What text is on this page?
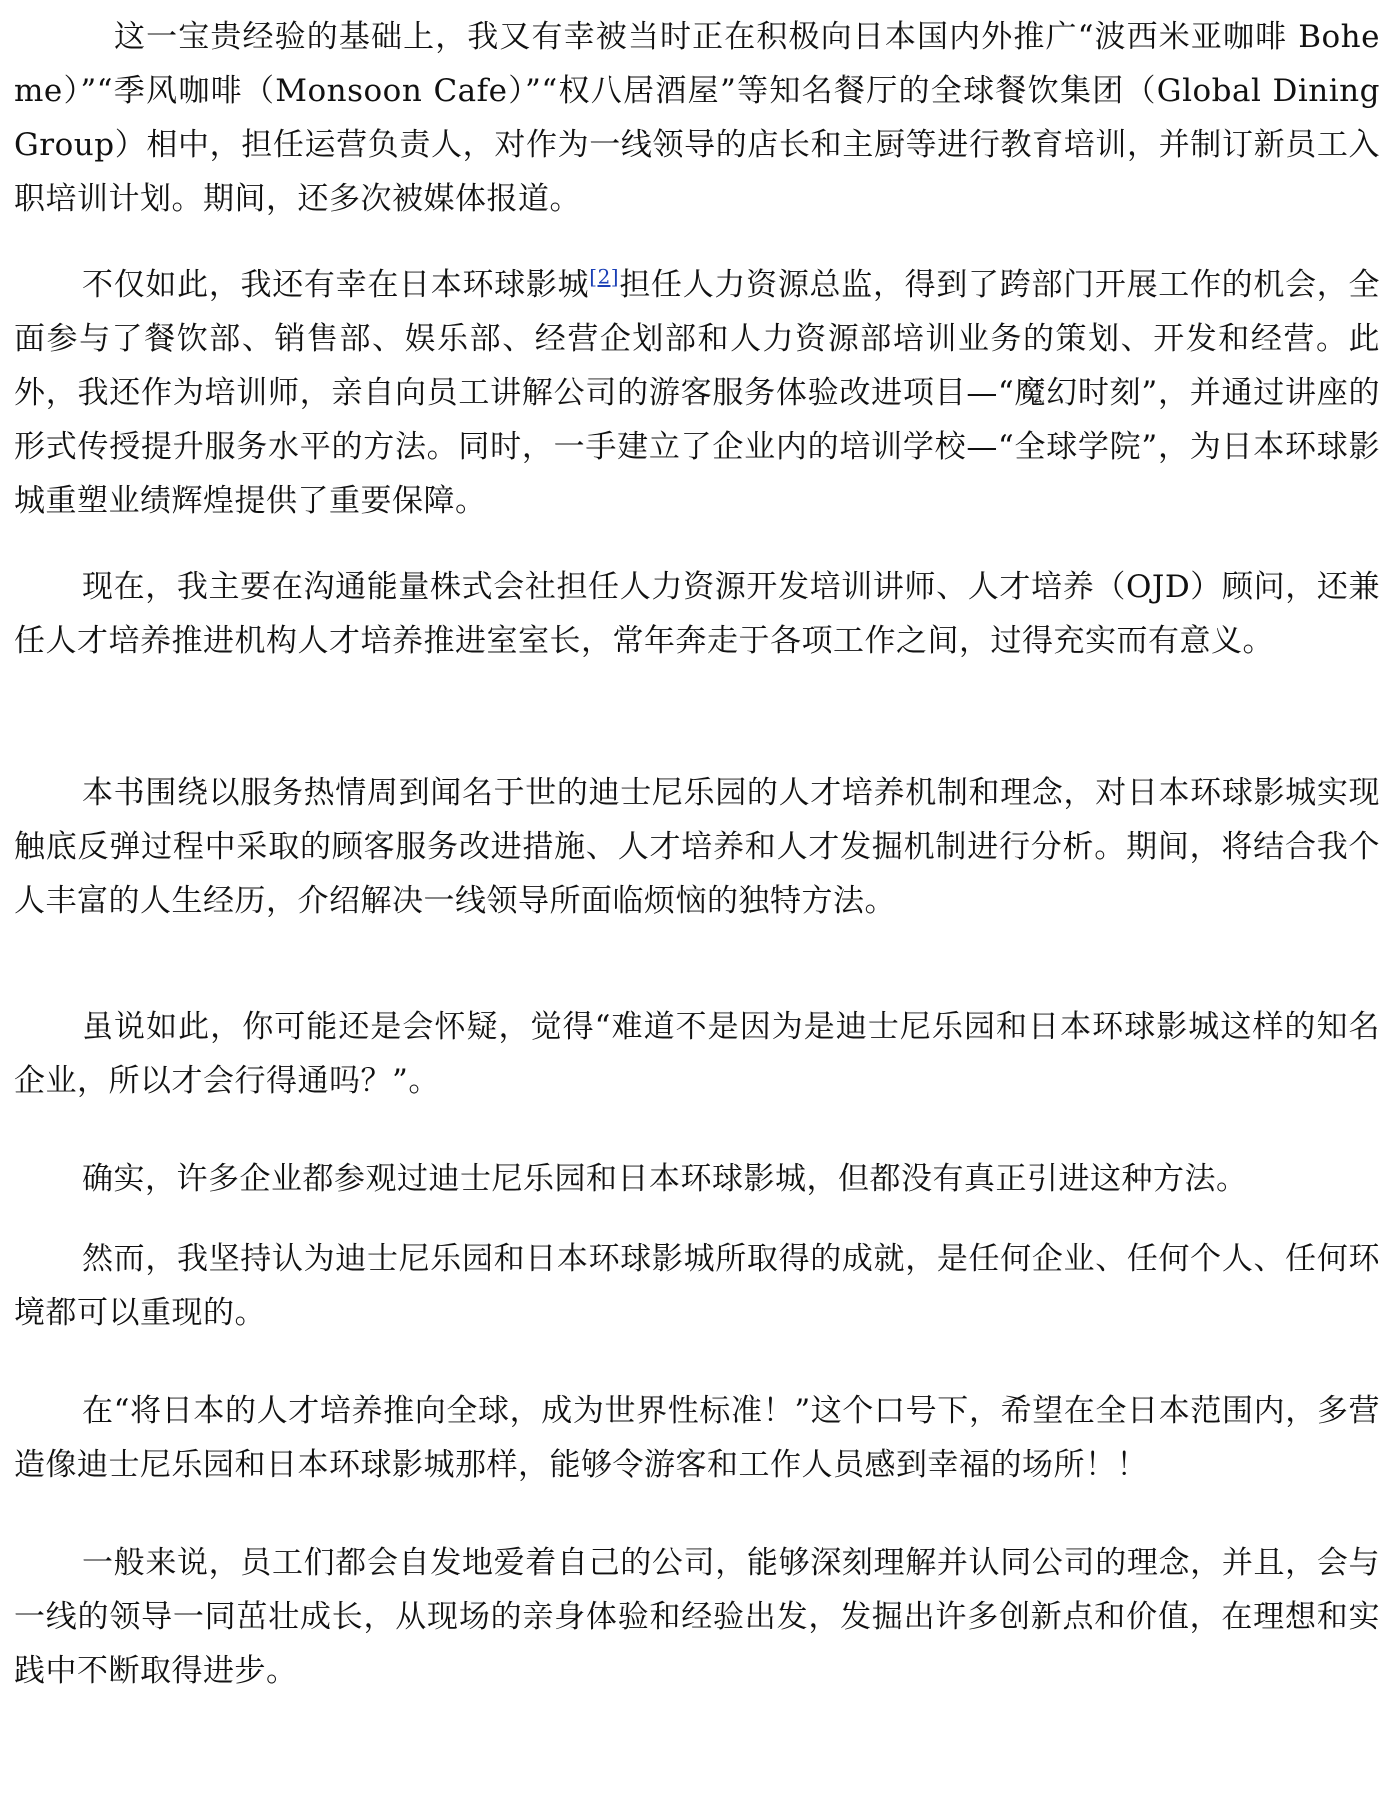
这一宝贵经验的基础上，我又有幸被当时正在积极向日本国内外推广“波西米亚咖啡 Boheme）”“季风咖啡（Monsoon Cafe）”“权八居酒屋”等知名餐厅的全球餐饮集团（Global Dining Group）相中，担任运营负责人，对作为一线领导的店长和主厨等进行教育培训，并制订新员工入职培训计划。期间，还多次被媒体报道。

不仅如此，我还有幸在日本环球影城[2]担任人力资源总监，得到了跨部门开展工作的机会，全面参与了餐饮部、销售部、娱乐部、经营企划部和人力资源部培训业务的策划、开发和经营。此外，我还作为培训师，亲自向员工讲解公司的游客服务体验改进项目—“魔幻时刻”，并通过讲座的形式传授提升服务水平的方法。同时，一手建立了企业内的培训学校—“全球学院”，为日本环球影城重塑业绩辉煌提供了重要保障。

现在，我主要在沟通能量株式会社担任人力资源开发培训讲师、人才培养（OJD）顾问，还兼任人才培养推进机构人才培养推进室室长，常年奔走于各项工作之间，过得充实而有意义。

本书围绕以服务热情周到闻名于世的迪士尼乐园的人才培养机制和理念，对日本环球影城实现触底反弹过程中采取的顾客服务改进措施、人才培养和人才发掘机制进行分析。期间，将结合我个人丰富的人生经历，介绍解决一线领导所面临烦恼的独特方法。

虽说如此，你可能还是会怀疑，觉得“难道不是因为是迪士尼乐园和日本环球影城这样的知名企业，所以才会行得通吗？”。

确实，许多企业都参观过迪士尼乐园和日本环球影城，但都没有真正引进这种方法。

然而，我坚持认为迪士尼乐园和日本环球影城所取得的成就，是任何企业、任何个人、任何环境都可以重现的。

在“将日本的人才培养推向全球，成为世界性标准！”这个口号下，希望在全日本范围内，多营造像迪士尼乐园和日本环球影城那样，能够令游客和工作人员感到幸福的场所！！

一般来说，员工们都会自发地爱着自己的公司，能够深刻理解并认同公司的理念，并且，会与一线的领导一同茁壮成长，从现场的亲身体验和经验出发，发掘出许多创新点和价值，在理想和实践中不断取得进步。
